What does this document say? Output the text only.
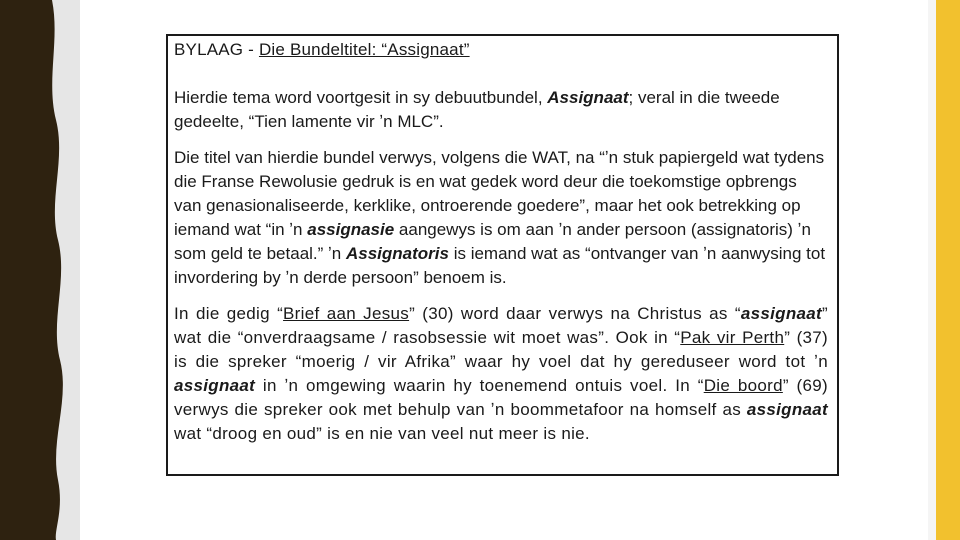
BYLAAG - Die Bundeltitel: “Assignaat”

Hierdie tema word voortgesit in sy debuutbundel, Assignaat; veral in die tweede gedeelte, “Tien lamente vir ʼn MLC”.

Die titel van hierdie bundel verwys, volgens die WAT, na “ʼn stuk papiergeld wat tydens die Franse Rewolusie gedruk is en wat gedek word deur die toekomstige opbrengs van genasionaliseerde, kerklike, ontroerende goedere”, maar het ook betrekking op iemand wat “in ʼn assignasie aangewys is om aan ʼn ander persoon (assignatoris) ʼn som geld te betaal.” ʼn Assignatoris is iemand wat as “ontvanger van ʼn aanwysing tot invordering by ʼn derde persoon” benoem is.

In die gedig “Brief aan Jesus” (30) word daar verwys na Christus as “assignaat” wat die “onverdraagsame / rasobsessie wit moet was”. Ook in “Pak vir Perth” (37) is die spreker “moerig / vir Afrika” waar hy voel dat hy gereduseer word tot ʼn assignaat in ʼn omgewing waarin hy toenemend ontuis voel. In “Die boord” (69) verwys die spreker ook met behulp van ʼn boommetafoor na homself as assignaat wat “droog en oud” is en nie van veel nut meer is nie.
